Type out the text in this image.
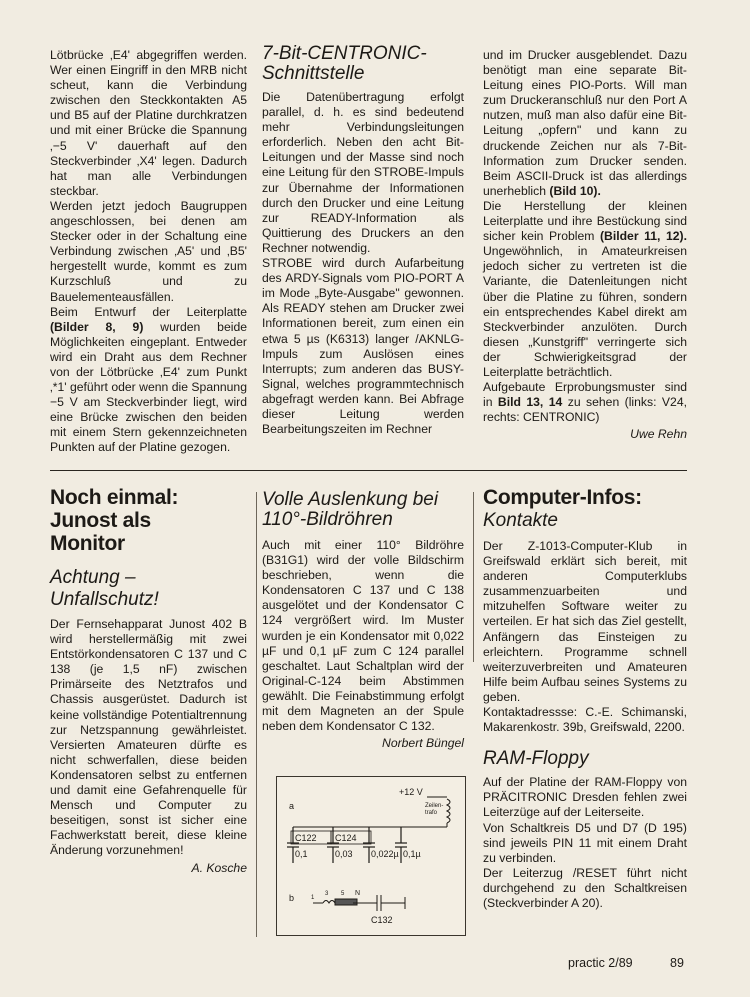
Lötbrücke ‚E4' abgegriffen werden. Wer einen Eingriff in den MRB nicht scheut, kann die Verbindung zwischen den Steckkontakten A5 und B5 auf der Platine durchkratzen und mit einer Brücke die Spannung ‚−5 V' dauerhaft auf den Steckverbinder ‚X4' legen. Dadurch hat man alle Verbindungen steckbar.

Werden jetzt jedoch Baugruppen angeschlossen, bei denen am Stecker oder in der Schaltung eine Verbindung zwischen ‚A5' und ‚B5' hergestellt wurde, kommt es zum Kurzschluß und zu Bauelementeausfällen.

Beim Entwurf der Leiterplatte (Bilder 8, 9) wurden beide Möglichkeiten eingeplant. Entweder wird ein Draht aus dem Rechner von der Lötbrücke ‚E4' zum Punkt ‚*1' geführt oder wenn die Spannung −5 V am Steckverbinder liegt, wird eine Brücke zwischen den beiden mit einem Stern gekennzeichneten Punkten auf der Platine gezogen.

7-Bit-CENTRONIC-Schnittstelle

Die Datenübertragung erfolgt parallel, d. h. es sind bedeutend mehr Verbindungsleitungen erforderlich. Neben den acht Bit-Leitungen und der Masse sind noch eine Leitung für den STROBE-Impuls zur Übernahme der Informationen durch den Drucker und eine Leitung zur READY-Information als Quittierung des Druckers an den Rechner notwendig.

STROBE wird durch Aufarbeitung des ARDY-Signals vom PIO-PORT A im Mode „Byte-Ausgabe" gewonnen. Als READY stehen am Drucker zwei Informationen bereit, zum einen ein etwa 5 µs (K6313) langer /AKNLG-Impuls zum Auslösen eines Interrupts; zum anderen das BUSY-Signal, welches programmtechnisch abgefragt werden kann. Bei Abfrage dieser Leitung werden Bearbeitungszeiten im Rechner

und im Drucker ausgeblendet. Dazu benötigt man eine separate Bit-Leitung eines PIO-Ports. Will man zum Druckeranschluß nur den Port A nutzen, muß man also dafür eine Bit-Leitung „opfern" und kann zu druckende Zeichen nur als 7-Bit-Information zum Drucker senden. Beim ASCII-Druck ist das allerdings unerheblich (Bild 10).

Die Herstellung der kleinen Leiterplatte und ihre Bestückung sind sicher kein Problem (Bilder 11, 12). Ungewöhnlich, in Amateurkreisen jedoch sicher zu vertreten ist die Variante, die Datenleitungen nicht über die Platine zu führen, sondern ein entsprechendes Kabel direkt am Steckverbinder anzulöten. Durch diesen „Kunstgriff" verringerte sich der Schwierigkeitsgrad der Leiterplatte beträchtlich.

Aufgebaute Erprobungsmuster sind in Bild 13, 14 zu sehen (links: V24, rechts: CENTRONIC)

Uwe Rehn
Noch einmal: Junost als Monitor
Achtung – Unfallschutz!

Der Fernsehapparat Junost 402 B wird herstellermäßig mit zwei Entstörkondensatoren C 137 und C 138 (je 1,5 nF) zwischen Primärseite des Netztrafos und Chassis ausgerüstet. Dadurch ist keine vollständige Potentialtrennung zur Netzspannung gewährleistet. Versierten Amateuren dürfte es nicht schwerfallen, diese beiden Kondensatoren selbst zu entfernen und damit eine Gefahrenquelle für Mensch und Computer zu beseitigen, sonst ist sicher eine Fachwerkstatt bereit, diese kleine Änderung vorzunehmen!

A. Kosche
Volle Auslenkung bei 110°-Bildröhren

Auch mit einer 110° Bildröhre (B31G1) wird der volle Bildschirm beschrieben, wenn die Kondensatoren C 137 und C 138 ausgelötet und der Kondensator C 124 vergrößert wird. Im Muster wurden je ein Kondensator mit 0,022 µF und 0,1 µF zum C 124 parallel geschaltet. Laut Schaltplan wird der Original-C-124 beim Abstimmen gewählt. Die Feinabstimmung erfolgt mit dem Magneten an der Spule neben dem Kondensator C 132.

Norbert Büngel
a
+12 V
Zeilen-
trafo
C122 C124
0,1	0,03 0,022µ 0,1µ
b	1
3 5 N
C132
Computer-Infos:
Kontakte

Der Z-1013-Computer-Klub in Greifswald erklärt sich bereit, mit anderen Computerklubs zusammenzuarbeiten und mitzuhelfen Software weiter zu verteilen. Er hat sich das Ziel gestellt, Anfängern das Einsteigen zu erleichtern. Programme schnell weiterzuverbreiten und Amateuren Hilfe beim Aufbau seines Systems zu geben.

Kontaktadressse: C.-E. Schimanski, Makarenkostr. 39b, Greifswald, 2200.

RAM-Floppy

Auf der Platine der RAM-Floppy von PRÄCITRONIC Dresden fehlen zwei Leiterzüge auf der Leiterseite.

Von Schaltkreis D5 und D7 (D 195) sind jeweils PIN 11 mit einem Draht zu verbinden.

Der Leiterzug /RESET führt nicht durchgehend zu den Schaltkreisen (Steckverbinder A 20).

practic 2/89	89
